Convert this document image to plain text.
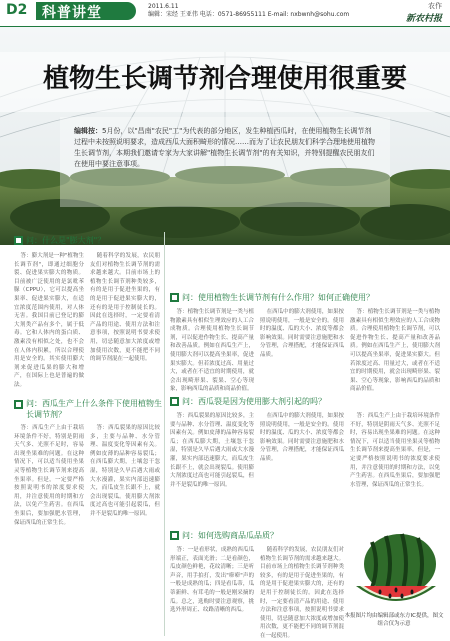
D2 科普讲堂	2011.6.11
编辑：宋经 王亚伟 电话：0571-86955111 E-mail: nxbwnh@sohu.com
农作
新农村报
植物生长调节剂合理使用很重要
编辑按：5月份，以"昌南"农民"工"为代表的部分地区，发生种植西瓜时，在使用植物生长调节剂过程中未按照说明要求，造成西瓜大面积畸形的情况……而为了让农民朋友们科学合理地使用植物生长调节剂，本期我们邀请专家为大家讲解"植物生长调节剂"的有关知识，并特别提醒农民朋友们在使用中要注意事项。
问：什么是"膨大剂"？

答：膨大剂是一种"植物生长调节剂"，即通过细胞分裂、促进果实膨大的物质。目前被广泛使用的是氯吡苯脲（CPPU），它可以提高坐果率、促进果实膨大，在适宜浓度范围内使用，对人体无害。我国目前已登记的膨大剂类产品有多个，属于低毒。它和人体内的蛋白质、激素没有相似之处，也不会在人体内积累，所以合理使用是安全的。其实使用膨大剂来促进瓜果的膨大和增产，在国际上也是普遍的做法。

随着科学的发展，农民朋友们对植物生长调节剂的需求越来越大。目前市场上的植物生长调节剂种类较多，有的是用于促进坐果的，有的是用于促进果实膨大的，还有的是用于控制徒长的。因此在选择时，一定要看清产品的用途、使用方法和注意事项，按照说明书要求使用，切忌随意加大浓度或增加使用次数，更不能把不同的调节剂混在一起使用。

问：使用植物生长调节剂有什么作用？如何正确使用？

答：植物生长调节剂是一类与植物激素具有相似生理效应的人工合成物质。合理使用植物生长调节剂，可以促进作物生长、提高产量和改善品质。例如在西瓜生产上，使用膨大剂可以提高坐果率，促进果实膨大。但若浓度过高、用量过大，或者在不适宜的时期使用，就会出现畸形果、裂果、空心等现象，影响西瓜的品质和商品价值。

在西瓜中的膨大剂使用，如果按照说明使用，一般是安全的。使用时的温度、瓜的大小、浓度等都会影响效果。同时需要注意施肥和水分管理，合理搭配，才能保证西瓜品质。

答：植物生长调节剂是一类与植物激素具有相似生理效应的人工合成物质。合理使用植物生长调节剂，可以促进作物生长、提高产量和改善品质。例如在西瓜生产上，使用膨大剂可以提高坐果率，促进果实膨大。但若浓度过高、用量过大，或者在不适宜的时期使用，就会出现畸形果、裂果、空心等现象，影响西瓜的品质和商品价值。

问：西瓜生产上什么条件下使用植物生长调节剂？

答：西瓜生产上由于栽培环境条件不好，特别是阴雨天气多、光照不足时，容易出现坐果难的问题。在这种情况下，可以适当使用坐果灵等植物生长调节剂来提高坐果率。但是，一定要严格按照说明书的浓度要求使用，并注意使用的时期和方法，以免产生药害。在西瓜坐果后，要加强肥水管理，保证西瓜的正常生长。

答：西瓜裂果的原因比较多，主要与品种、水分管理、温度变化等因素有关。例如皮薄的品种容易裂瓜；在西瓜膨大期，土壤忽干忽湿，特别是久旱后遇大雨或大水漫灌，果实内部迅速膨大，而瓜皮生长跟不上，就会出现裂瓜。使用膨大剂浓度过高也可能引起裂瓜，但并不是裂瓜的唯一原因。

问：西瓜裂是因为使用膨大剂引起的吗？

答：西瓜裂果的原因比较多，主要与品种、水分管理、温度变化等因素有关。例如皮薄的品种容易裂瓜；在西瓜膨大期，土壤忽干忽湿，特别是久旱后遇大雨或大水漫灌，果实内部迅速膨大，而瓜皮生长跟不上，就会出现裂瓜。使用膨大剂浓度过高也可能引起裂瓜，但并不是裂瓜的唯一原因。

在西瓜中的膨大剂使用，如果按照说明使用，一般是安全的。使用时的温度、瓜的大小、浓度等都会影响效果。同时需要注意施肥和水分管理，合理搭配，才能保证西瓜品质。

答：西瓜生产上由于栽培环境条件不好，特别是阴雨天气多、光照不足时，容易出现坐果难的问题。在这种情况下，可以适当使用坐果灵等植物生长调节剂来提高坐果率。但是，一定要严格按照说明书的浓度要求使用，并注意使用的时期和方法，以免产生药害。在西瓜坐果后，要加强肥水管理，保证西瓜的正常生长。

问：如何选购商品瓜品质？

答：一是看形状，成熟的西瓜瓜形端正，表面光滑；二是看颜色，瓜皮颜色鲜艳，花纹清晰；三是听声音，用手拍打，发出"嘭嘭"声的一般是成熟的瓜；四是看瓜蒂，瓜蒂新鲜、有茸毛的一般是刚采摘的瓜。总之，选购时要注意观察，挑选外形周正、纹路清晰的西瓜。

随着科学的发展，农民朋友们对植物生长调节剂的需求越来越大。目前市场上的植物生长调节剂种类较多，有的是用于促进坐果的，有的是用于促进果实膨大的，还有的是用于控制徒长的。因此在选择时，一定要看清产品的用途、使用方法和注意事项，按照说明书要求使用，切忌随意加大浓度或增加使用次数，更不能把不同的调节剂混在一起使用。

本报图片均由编辑部或东方IC提供，图文组合仅为示意
